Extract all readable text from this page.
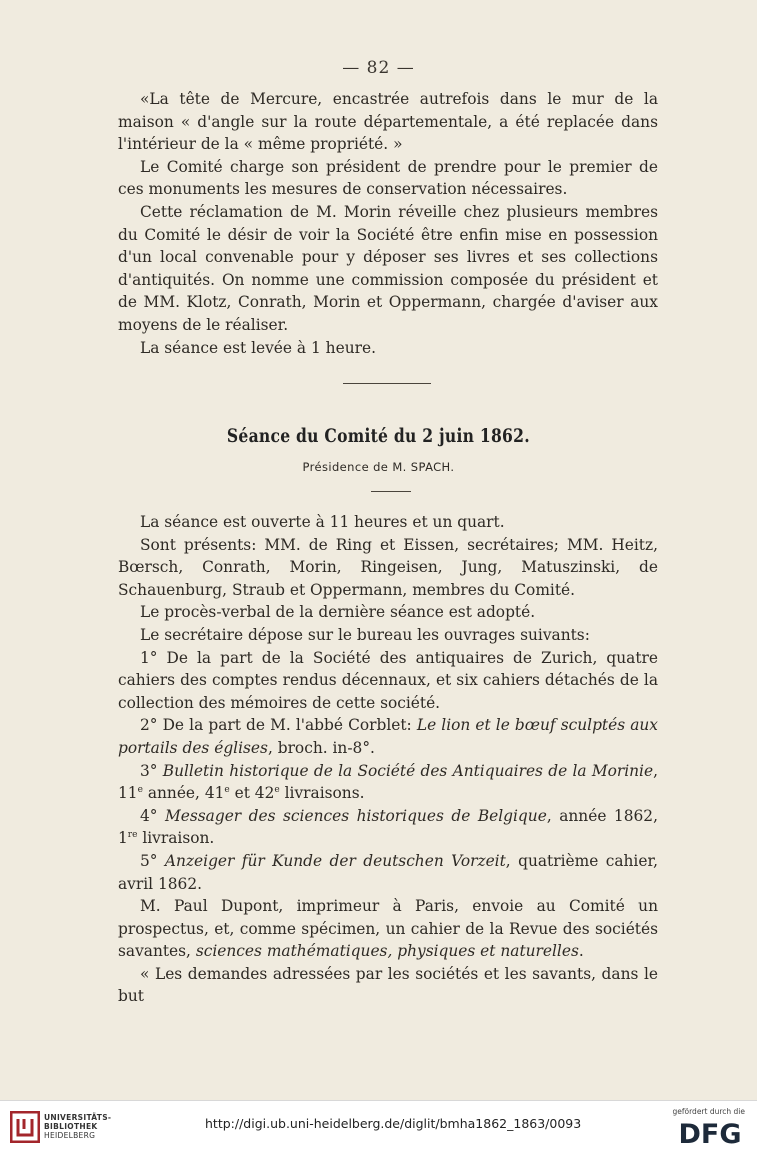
— 82 —

«La tête de Mercure, encastrée autrefois dans le mur de la maison « d'angle sur la route départementale, a été replacée dans l'intérieur de la « même propriété. »

Le Comité charge son président de prendre pour le premier de ces monuments les mesures de conservation nécessaires.

Cette réclamation de M. Morin réveille chez plusieurs membres du Comité le désir de voir la Société être enfin mise en possession d'un local convenable pour y déposer ses livres et ses collections d'antiquités. On nomme une commission composée du président et de MM. Klotz, Conrath, Morin et Oppermann, chargée d'aviser aux moyens de le réaliser.

La séance est levée à 1 heure.

Séance du Comité du 2 juin 1862.
Présidence de M. SPACH.

La séance est ouverte à 11 heures et un quart.

Sont présents: MM. de Ring et Eissen, secrétaires; MM. Heitz, Bœrsch, Conrath, Morin, Ringeisen, Jung, Matuszinski, de Schauenburg, Straub et Oppermann, membres du Comité.

Le procès-verbal de la dernière séance est adopté.

Le secrétaire dépose sur le bureau les ouvrages suivants:

1° De la part de la Société des antiquaires de Zurich, quatre cahiers des comptes rendus décennaux, et six cahiers détachés de la collection des mémoires de cette société.

2° De la part de M. l'abbé Corblet: Le lion et le bœuf sculptés aux portails des églises, broch. in-8°.

3° Bulletin historique de la Société des Antiquaires de la Morinie, 11e année, 41e et 42e livraisons.

4° Messager des sciences historiques de Belgique, année 1862, 1re livraison.

5° Anzeiger für Kunde der deutschen Vorzeit, quatrième cahier, avril 1862.

M. Paul Dupont, imprimeur à Paris, envoie au Comité un prospectus, et, comme spécimen, un cahier de la Revue des sociétés savantes, sciences mathématiques, physiques et naturelles.

« Les demandes adressées par les sociétés et les savants, dans le but

UNIVERSITÄTS-
BIBLIOTHEK
HEIDELBERG
http://digi.ub.uni-heidelberg.de/diglit/bmha1862_1863/0093
gefördert durch die
DFG
